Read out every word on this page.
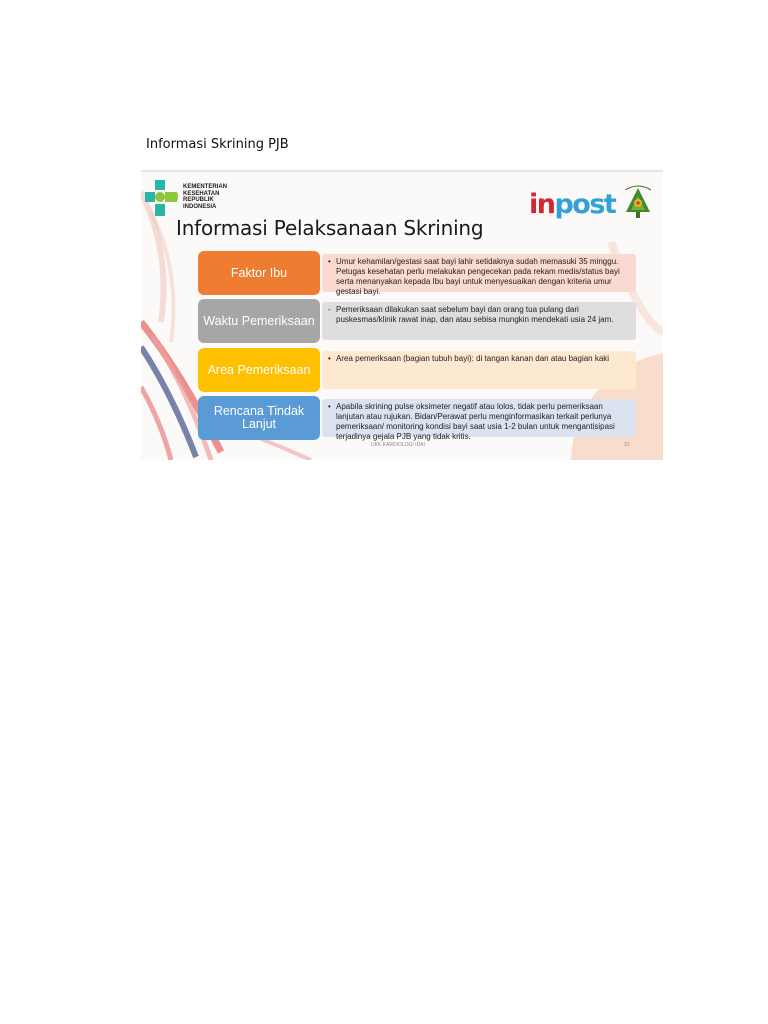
Informasi Skrining PJB
KEMENTERIAN
KESEHATAN
REPUBLIK
INDONESIA	inpost
Informasi Pelaksanaan Skrining
Faktor Ibu
• Umur kehamilan/gestasi saat bayi lahir setidaknya sudah memasuki 35 minggu. Petugas kesehatan perlu melakukan pengecekan pada rekam medis/status bayi serta menanyakan kepada Ibu bayi untuk menyesuaikan dengan kriteria umur gestasi bayi.
Waktu Pemeriksaan
- Pemeriksaan dilakukan saat sebelum bayi dan orang tua pulang dari puskesmas/klinik rawat inap, dan atau sebisa mungkin mendekati usia 24 jam.
Area Pemeriksaan
• Area pemeriksaan (bagian tubuh bayi): di tangan kanan dan atau bagian kaki
Rencana Tindak Lanjut
• Apabila skrining pulse oksimeter negatif atau lolos, tidak perlu pemeriksaan lanjutan atau rujukan. Bidan/Perawat perlu menginformasikan terkait perlunya pemeriksaan/ monitoring kondisi bayi saat usia 1-2 bulan untuk mengantisipasi terjadinya gejala PJB yang tidak kritis.
UKK KARDIOLOGI IDAI	31
